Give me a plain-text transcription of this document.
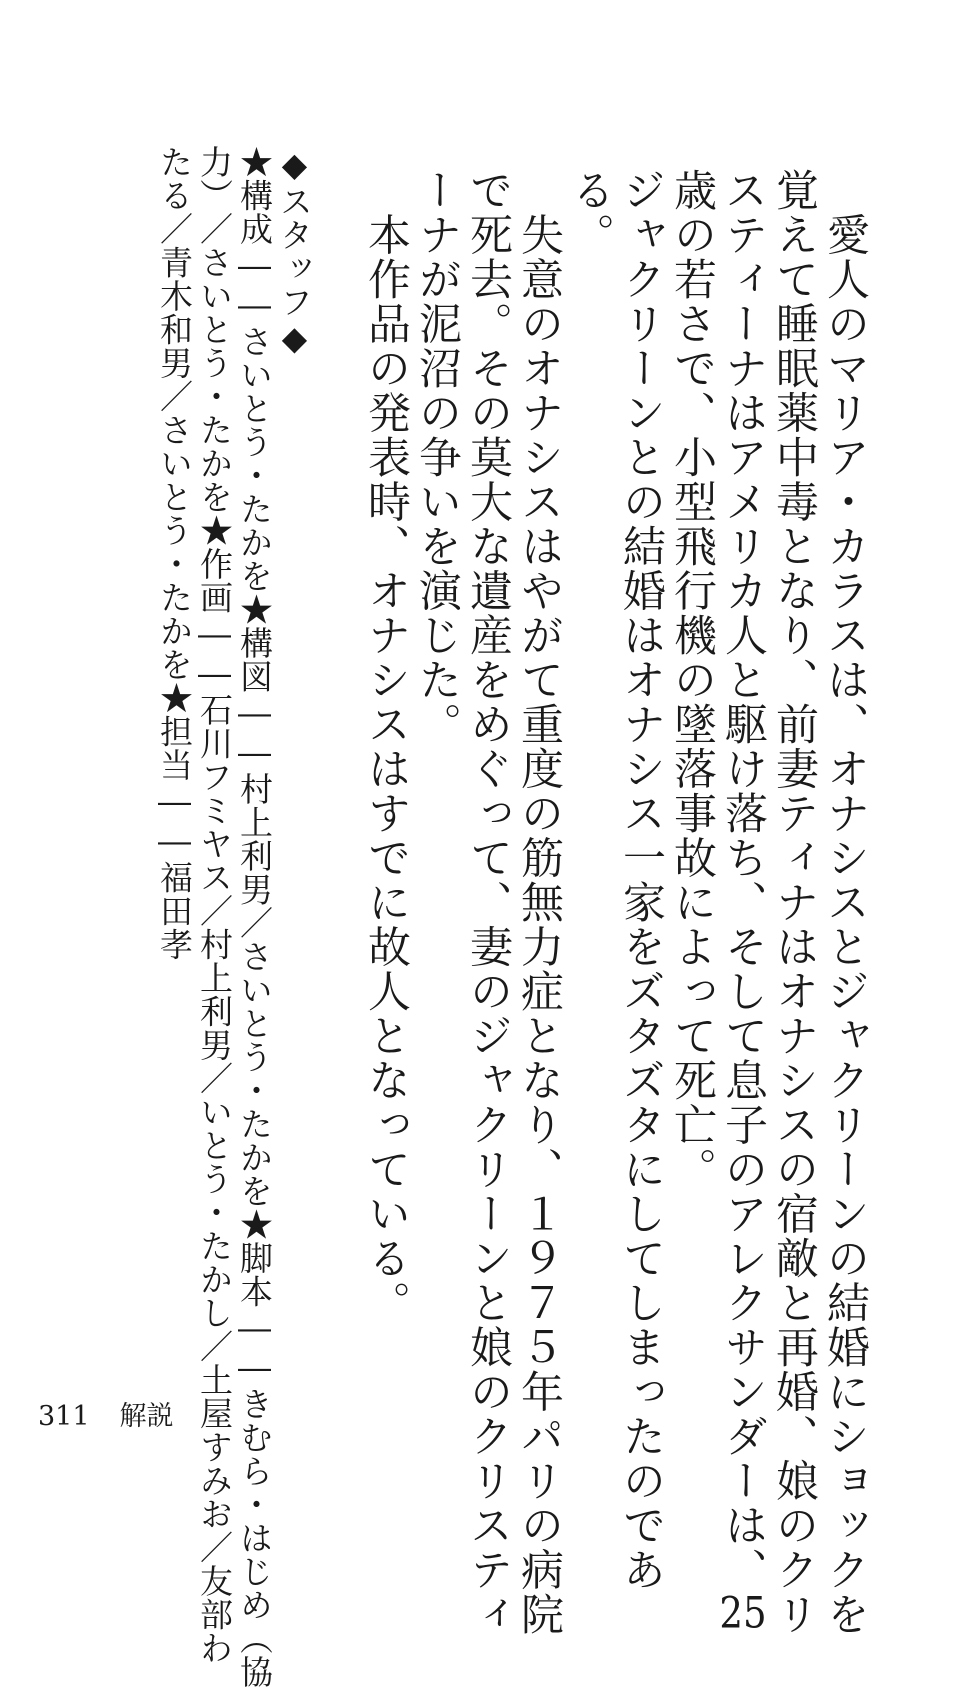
　愛人のマリア・カラスは、オナシスとジャクリーンの結婚にショックを

覚えて睡眠薬中毒となり、前妻ティナはオナシスの宿敵と再婚、娘のクリ

スティーナはアメリカ人と駆け落ち、そして息子のアレクサンダーは、25

歳の若さで、小型飛行機の墜落事故によって死亡。

ジャクリーンとの結婚はオナシス一家をズタズタにしてしまったのであ

る。

　失意のオナシスはやがて重度の筋無力症となり、１９７５年パリの病院

で死去。その莫大な遺産をめぐって、妻のジャクリーンと娘のクリスティ

ーナが泥沼の争いを演じた。

　本作品の発表時、オナシスはすでに故人となっている。

◆スタッフ◆

★構成――さいとう・たかを★構図――村上利男／さいとう・たかを★脚本――きむら・はじめ（協

力）／さいとう・たかを★作画――石川フミヤス／村上利男／いとう・たかし／土屋すみお／友部わ

たる／青木和男／さいとう・たかを★担当――福田孝

311 解説
